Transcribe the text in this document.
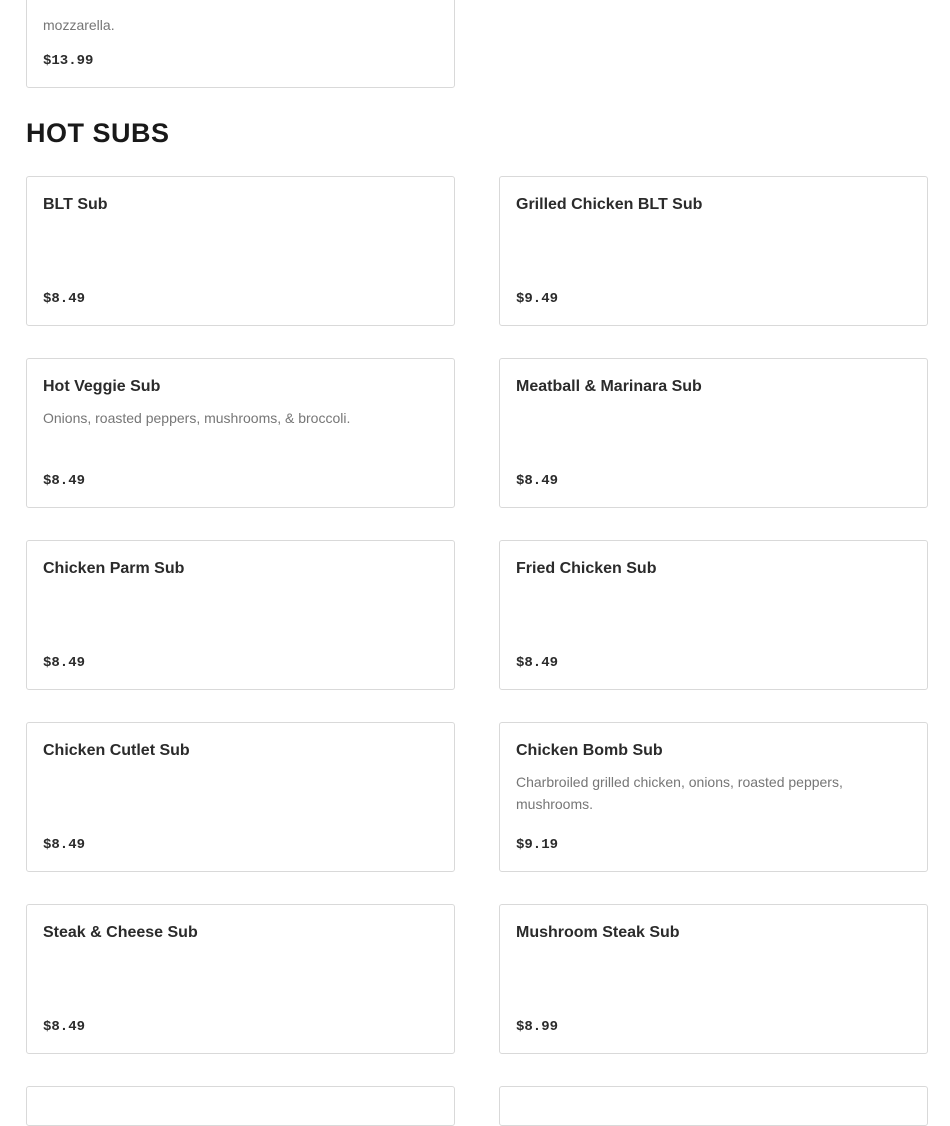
mozzarella.
$13.99
HOT SUBS
BLT Sub
$8.49
Grilled Chicken BLT Sub
$9.49
Hot Veggie Sub
Onions, roasted peppers, mushrooms, & broccoli.
$8.49
Meatball & Marinara Sub
$8.49
Chicken Parm Sub
$8.49
Fried Chicken Sub
$8.49
Chicken Cutlet Sub
$8.49
Chicken Bomb Sub
Charbroiled grilled chicken, onions, roasted peppers, mushrooms.
$9.19
Steak & Cheese Sub
$8.49
Mushroom Steak Sub
$8.99
